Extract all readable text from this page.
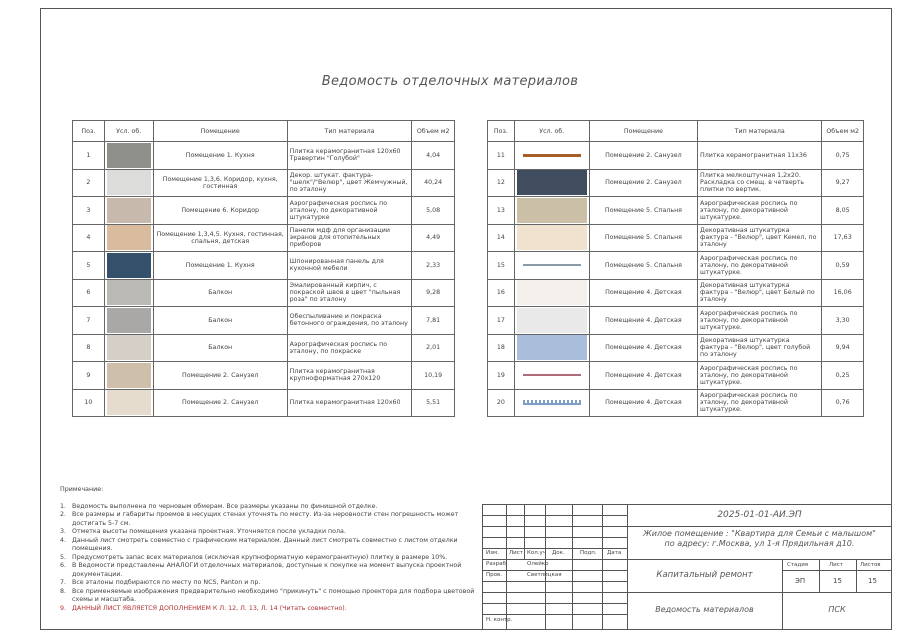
Ведомость отделочных материалов
Поз.	Усл. об.	Помещение	Тип материала	Объем м2
1		Помещение 1. Кухня	Плитка керамогранитная 120х60 Травертин "Голубой"	4,04
2		Помещение 1,3,6. Коридор, кухня, гостинная	Декор. штукат. фактура-"шелк"/"Велюр", цвет Жемчужный, по эталону	40,24
3		Помещение 6. Коридор	Аэрографическая роспись по эталону, по декоративной штукатурке	5,08
4		Помещение 1,3,4,5. Кухня, гостинная, спальня, детская	Панели мдф для организации экранов для отопительных приборов	4,49
5		Помещение 1. Кухня	Шпонированная панель для кухонной мебели	2,33
6		Балкон	Эмалированный кирпич, с покраской швов в цвет "пыльная роза" по эталону	9,28
7		Балкон	Обеспыливание и покраска бетонного ограждения, по эталону	7,81
8		Балкон	Аэрографическая роспись по эталону, по покраске	2,01
9		Помещение 2. Санузел	Плитка керамогранитная крупноформатная 270х120	10,19
10		Помещение 2. Санузел	Плитка керамогранитная 120х60	5,51
Поз.	Усл. об.	Помещение	Тип материала	Объем м2
11		Помещение 2. Санузел	Плитка керамогранитная 11х36	0,75
12		Помещение 2. Санузел	Плитка мелкоштучная 1,2х20. Раскладка со смещ. в четверть плитки по вертик.	9,27
13		Помещение 5. Спальня	Аэрографическая роспись по эталону, по декоративной штукатурке.	8,05
14		Помещение 5. Спальня	Декоративная штукатурка фактура - "Велюр", цвет Кемел, по эталону	17,63
15		Помещение 5. Спальня	Аэрографическая роспись по эталону, по декоративной штукатурке.	0,59
16		Помещение 4. Детская	Декоративная штукатурка фактура - "Велюр", цвет Белый по эталону	16,06
17		Помещение 4. Детская	Аэрографическая роспись по эталону, по декоративной штукатурке.	3,30
18		Помещение 4. Детская	Декоративная штукатурка фактура - "Велюр", цвет голубой по эталону	9,94
19		Помещение 4. Детская	Аэрографическая роспись по эталону, по декоративной штукатурке.	0,25
20		Помещение 4. Детская	Аэрографическая роспись по эталону, по декоративной штукатурке.	0,76
Примечание:
1. Ведомость выполнена по черновым обмерам. Все размеры указаны по финишной отделке.
2. Все размеры и габариты проемов в несущих стенах уточнять по месту. Из-за неровности стен погрешность может достигать 5-7 см.
3. Отметка высоты помещения указана проектная. Уточняется после укладки пола.
4. Данный лист смотреть совместно с графическим материалом. Данный лист смотреть совместно с листом отделки помещения.
5. Предусмотреть запас всех материалов (исключая крупноформатную керамогранитную) плитку в размере 10%.
6. В Ведомости представлены АНАЛОГИ отделочных материалов, доступные к покупке на момент выпуска проектной документации.
7. Все эталоны подбираются по месту по NCS, Panton и пр.
8. Все применяемые изображения предварительно необходимо "прикинуть" с помощью проектора для подбора цветовой схемы и масштаба.
9. ДАННЫЙ ЛИСТ ЯВЛЯЕТСЯ ДОПОЛНЕНИЕМ К Л. 12, Л. 13, Л. 14 (Читать совместно).
Изм. Лист Кол.уч Док.	Подп. Дата
Разраб.	Олейко
Пров.	Светлицкая
Н. контр.
2025-01-01-АИ.ЭП
Жилое помещение : "Квартира для Семьи с малышом" по адресу: г.Москва, ул 1-я Прядильная д10.
Капитальный ремонт
Стадия	Лист	Листов
ЭП	15	15
Ведомость материалов	ПСК
